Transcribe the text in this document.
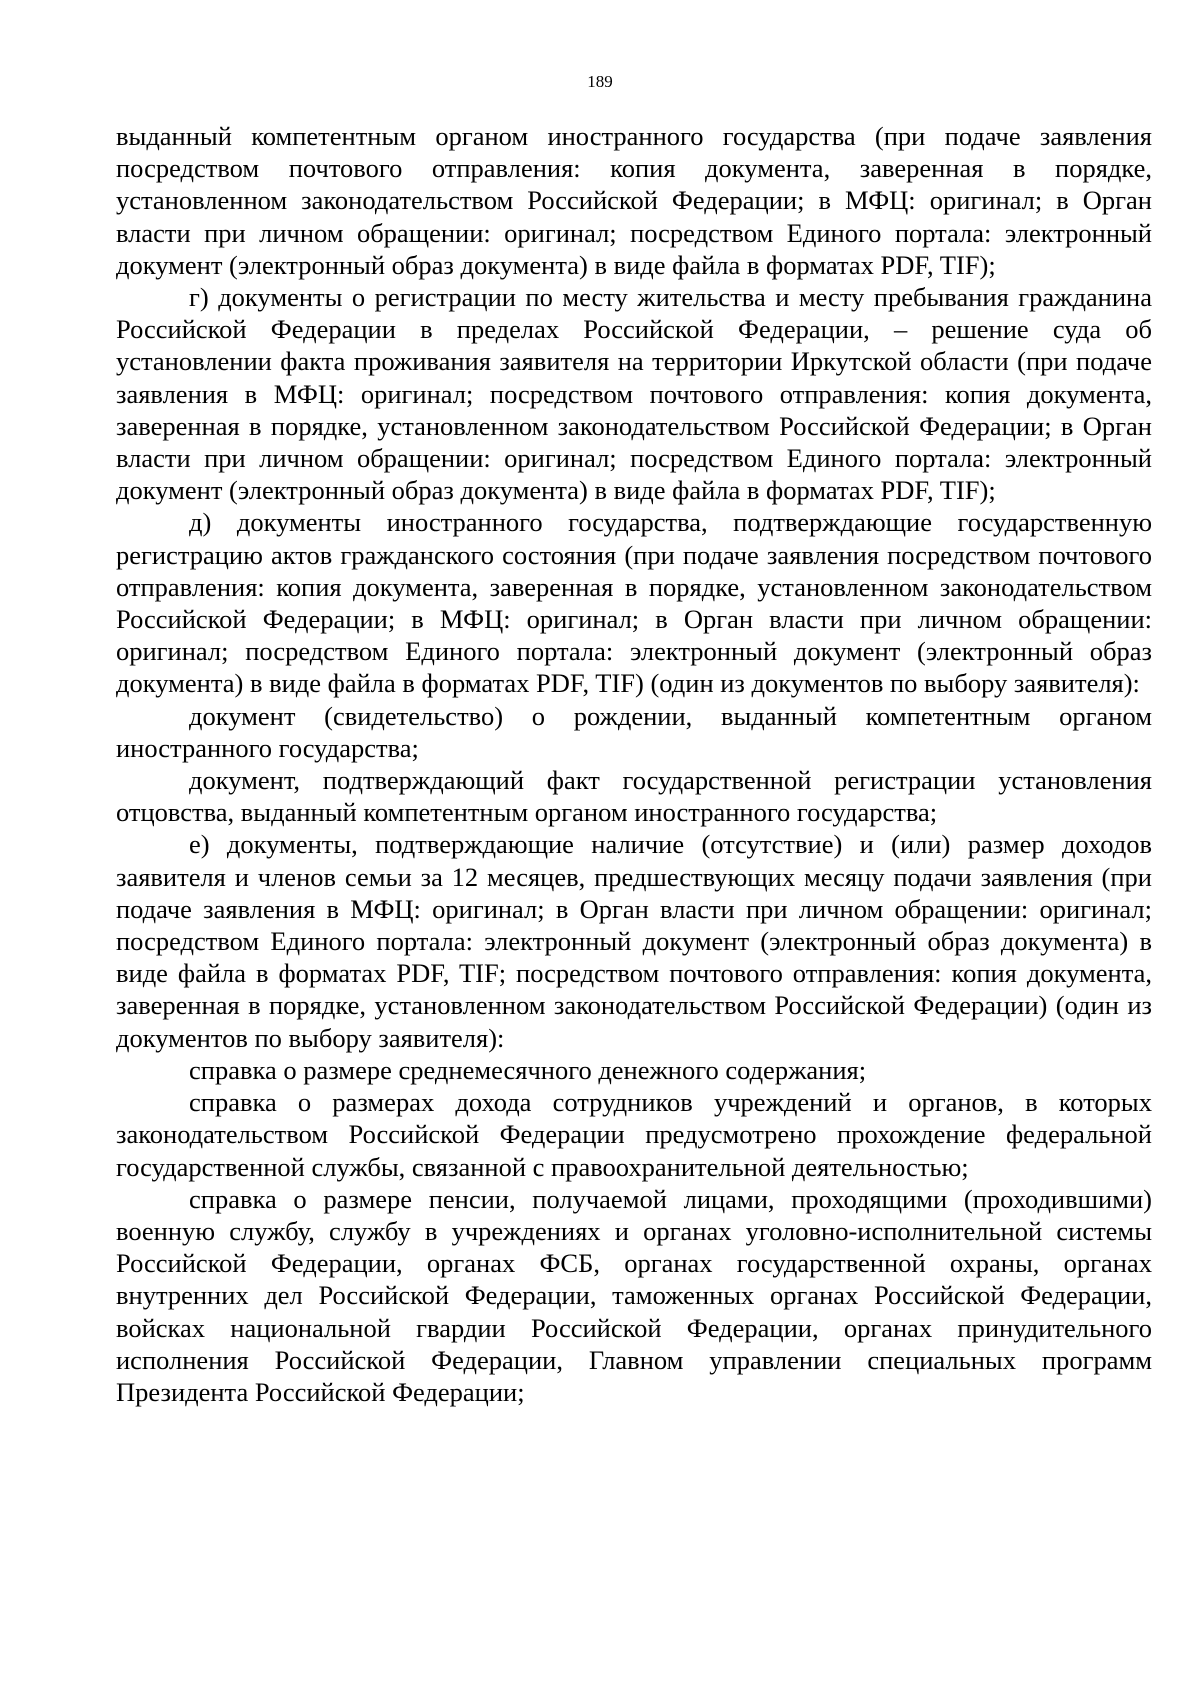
189

выданный компетентным органом иностранного государства (при подаче заявления посредством почтового отправления: копия документа, заверенная в порядке, установленном законодательством Российской Федерации; в МФЦ: оригинал; в Орган власти при личном обращении: оригинал; посредством Единого портала: электронный документ (электронный образ документа) в виде файла в форматах PDF, TIF);

г) документы о регистрации по месту жительства и месту пребывания гражданина Российской Федерации в пределах Российской Федерации, – решение суда об установлении факта проживания заявителя на территории Иркутской области (при подаче заявления в МФЦ: оригинал; посредством почтового отправления: копия документа, заверенная в порядке, установленном законодательством Российской Федерации; в Орган власти при личном обращении: оригинал; посредством Единого портала: электронный документ (электронный образ документа) в виде файла в форматах PDF, TIF);

д) документы иностранного государства, подтверждающие государственную регистрацию актов гражданского состояния (при подаче заявления посредством почтового отправления: копия документа, заверенная в порядке, установленном законодательством Российской Федерации; в МФЦ: оригинал; в Орган власти при личном обращении: оригинал; посредством Единого портала: электронный документ (электронный образ документа) в виде файла в форматах PDF, TIF) (один из документов по выбору заявителя):

документ (свидетельство) о рождении, выданный компетентным органом иностранного государства;

документ, подтверждающий факт государственной регистрации установления отцовства, выданный компетентным органом иностранного государства;

е) документы, подтверждающие наличие (отсутствие) и (или) размер доходов заявителя и членов семьи за 12 месяцев, предшествующих месяцу подачи заявления (при подаче заявления в МФЦ: оригинал; в Орган власти при личном обращении: оригинал; посредством Единого портала: электронный документ (электронный образ документа) в виде файла в форматах PDF, TIF; посредством почтового отправления: копия документа, заверенная в порядке, установленном законодательством Российской Федерации) (один из документов по выбору заявителя):

справка о размере среднемесячного денежного содержания;

справка о размерах дохода сотрудников учреждений и органов, в которых законодательством Российской Федерации предусмотрено прохождение федеральной государственной службы, связанной с правоохранительной деятельностью;

справка о размере пенсии, получаемой лицами, проходящими (проходившими) военную службу, службу в учреждениях и органах уголовно-исполнительной системы Российской Федерации, органах ФСБ, органах государственной охраны, органах внутренних дел Российской Федерации, таможенных органах Российской Федерации, войсках национальной гвардии Российской Федерации, органах принудительного исполнения Российской Федерации, Главном управлении специальных программ Президента Российской Федерации;
